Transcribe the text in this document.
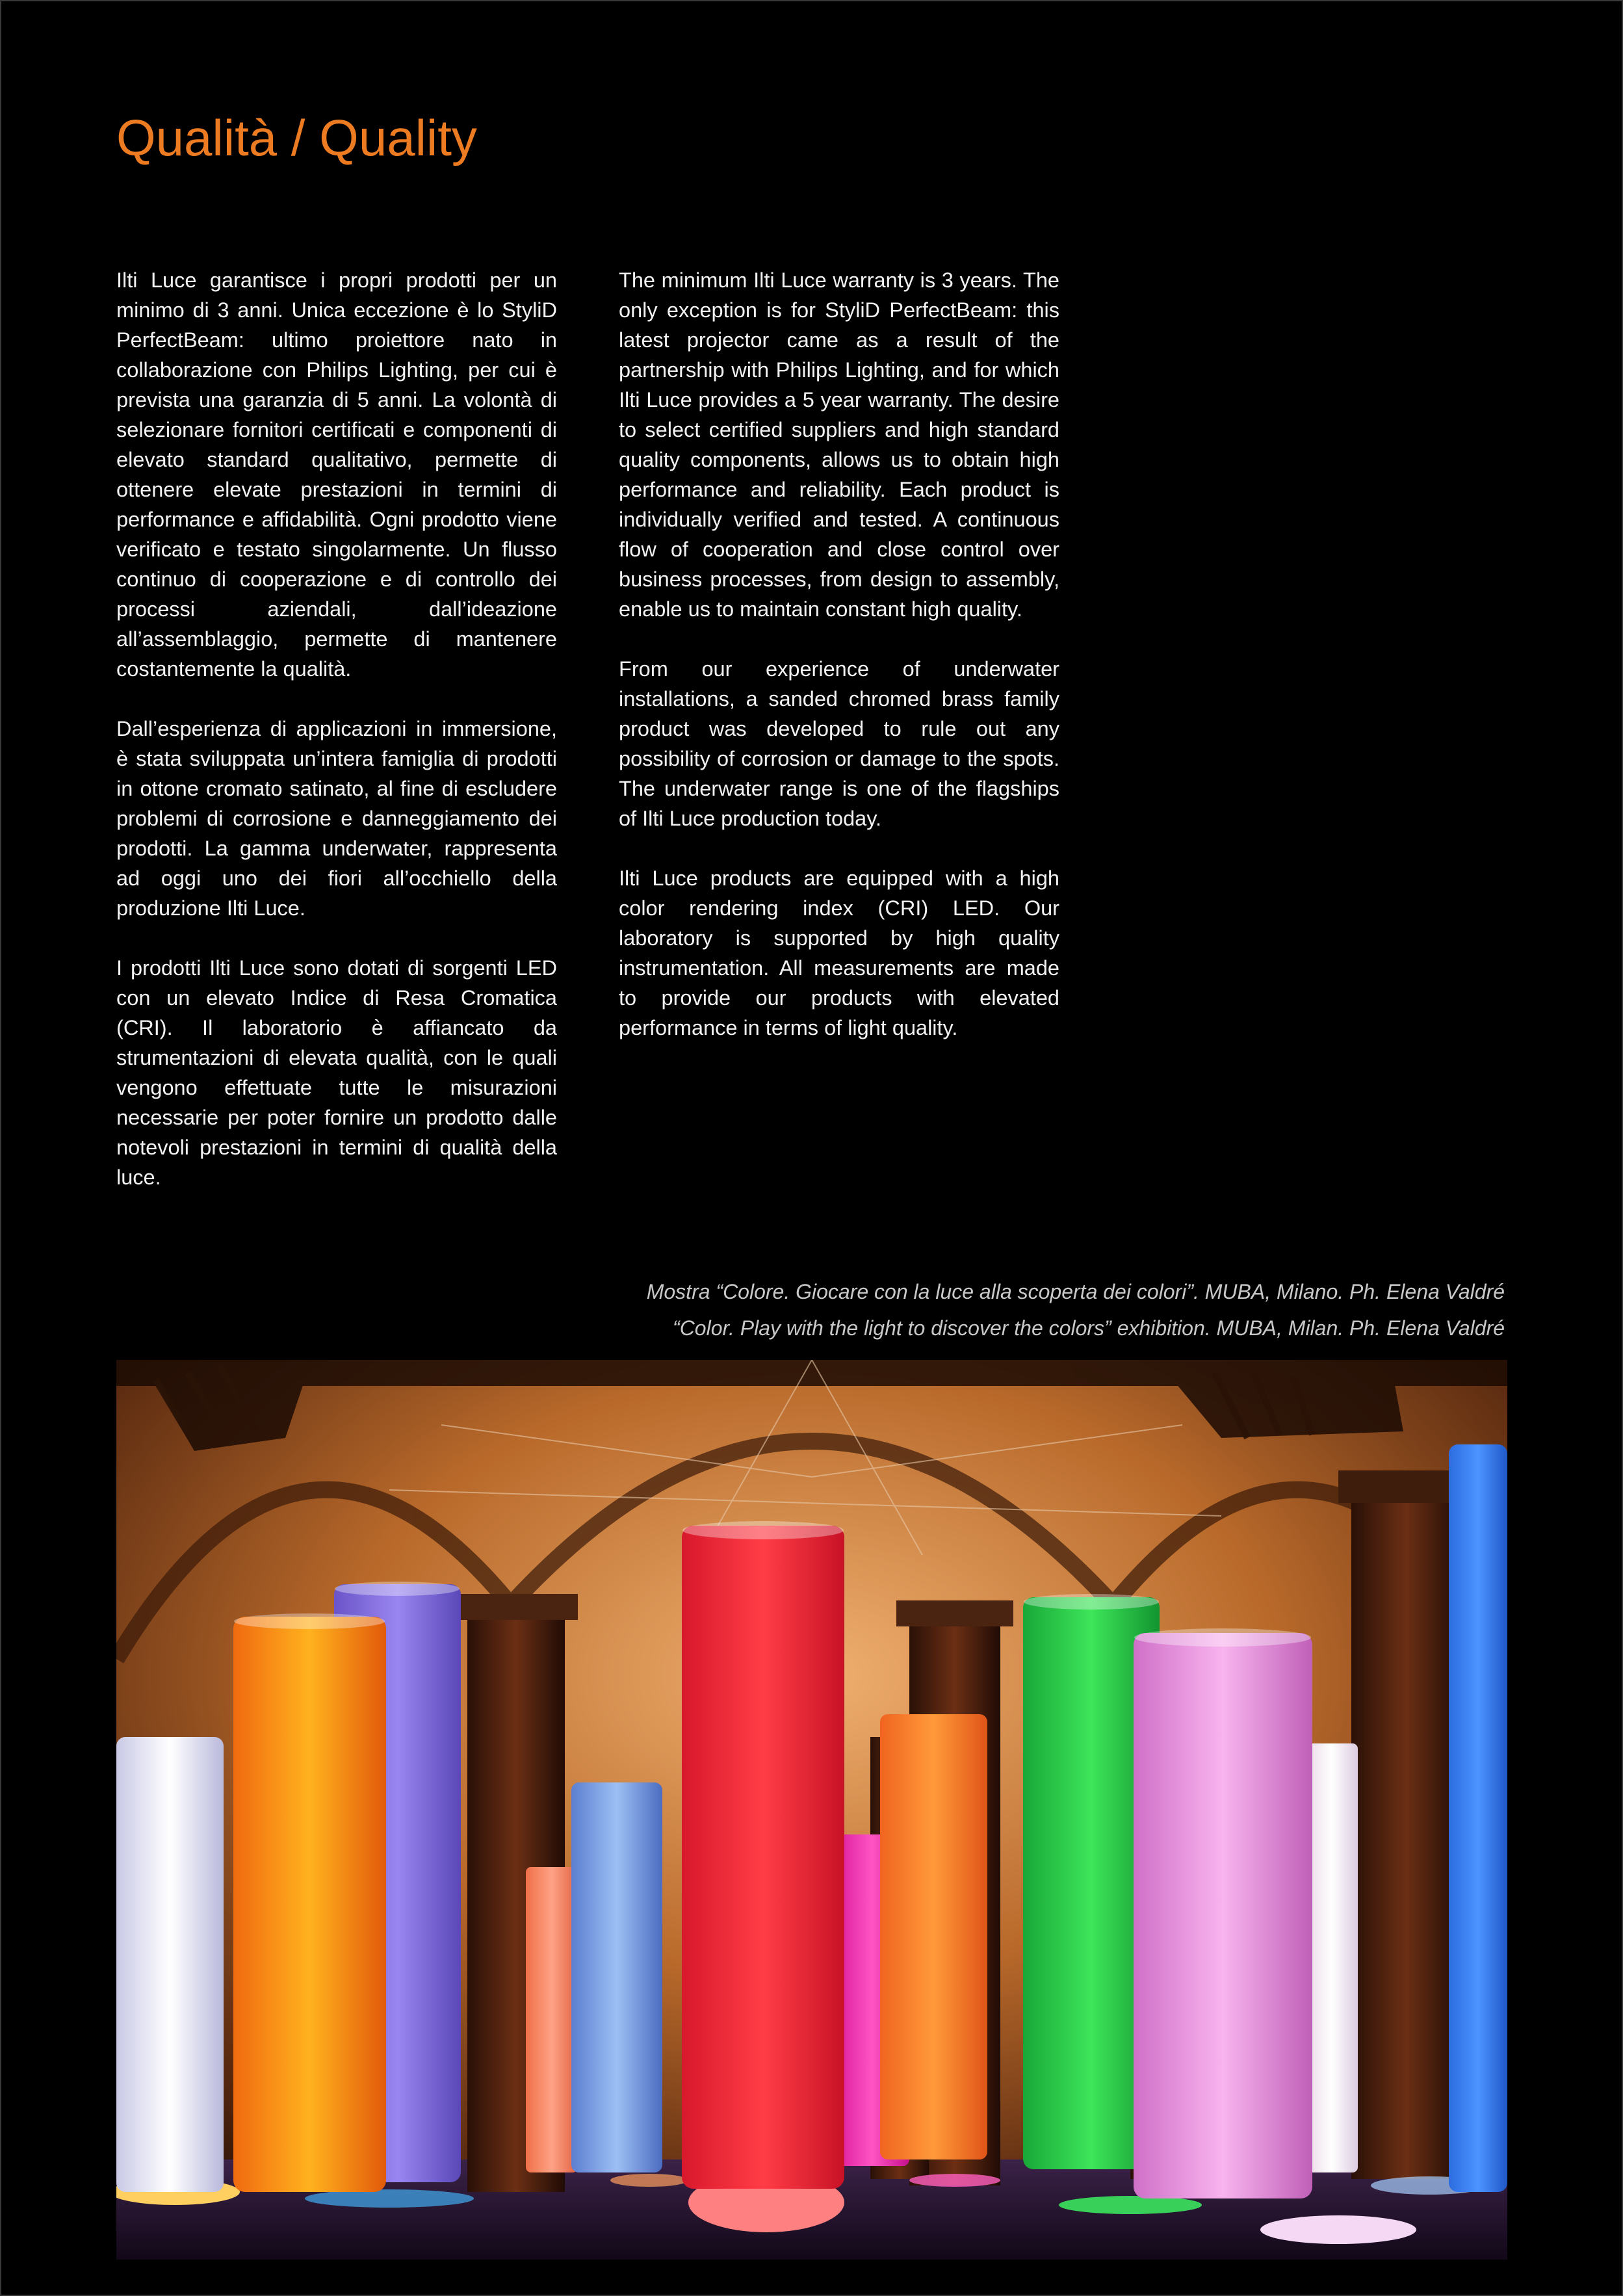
Qualità / Quality

Ilti Luce garantisce i propri prodotti per un minimo di 3 anni. Unica eccezione è lo StyliD PerfectBeam: ultimo proiettore nato in collaborazione con Philips Lighting, per cui è prevista una garanzia di 5 anni. La volontà di selezionare fornitori certificati e componenti di elevato standard qualitativo, permette di ottenere elevate prestazioni in termini di performance e affidabilità. Ogni prodotto viene verificato e testato singolarmente. Un flusso continuo di cooperazione e di controllo dei processi aziendali, dall’ideazione all’assemblaggio, permette di mantenere costantemente la qualità.

Dall’esperienza di applicazioni in immersione, è stata sviluppata un’intera famiglia di prodotti in ottone cromato satinato, al fine di escludere problemi di corrosione e danneggiamento dei prodotti. La gamma underwater, rappresenta ad oggi uno dei fiori all’occhiello della produzione Ilti Luce.

I prodotti Ilti Luce sono dotati di sorgenti LED con un elevato Indice di Resa Cromatica (CRI). Il laboratorio è affiancato da strumentazioni di elevata qualità, con le quali vengono effettuate tutte le misurazioni necessarie per poter fornire un prodotto dalle notevoli prestazioni in termini di qualità della luce.

The minimum Ilti Luce warranty is 3 years. The only exception is for StyliD PerfectBeam: this latest projector came as a result of the partnership with Philips Lighting, and for which Ilti Luce provides a 5 year warranty. The desire to select certified suppliers and high standard quality components, allows us to obtain high performance and reliability. Each product is individually verified and tested. A continuous flow of cooperation and close control over business processes, from design to assembly, enable us to maintain constant high quality.

From our experience of underwater installations, a sanded chromed brass family product was developed to rule out any possibility of corrosion or damage to the spots. The underwater range is one of the flagships of Ilti Luce production today.

Ilti Luce products are equipped with a high color rendering index (CRI) LED. Our laboratory is supported by high quality instrumentation. All measurements are made to provide our products with elevated performance in terms of light quality.

Mostra “Colore. Giocare con la luce alla scoperta dei colori”. MUBA, Milano. Ph. Elena Valdré
“Color. Play with the light to discover the colors” exhibition. MUBA, Milan. Ph. Elena Valdré
